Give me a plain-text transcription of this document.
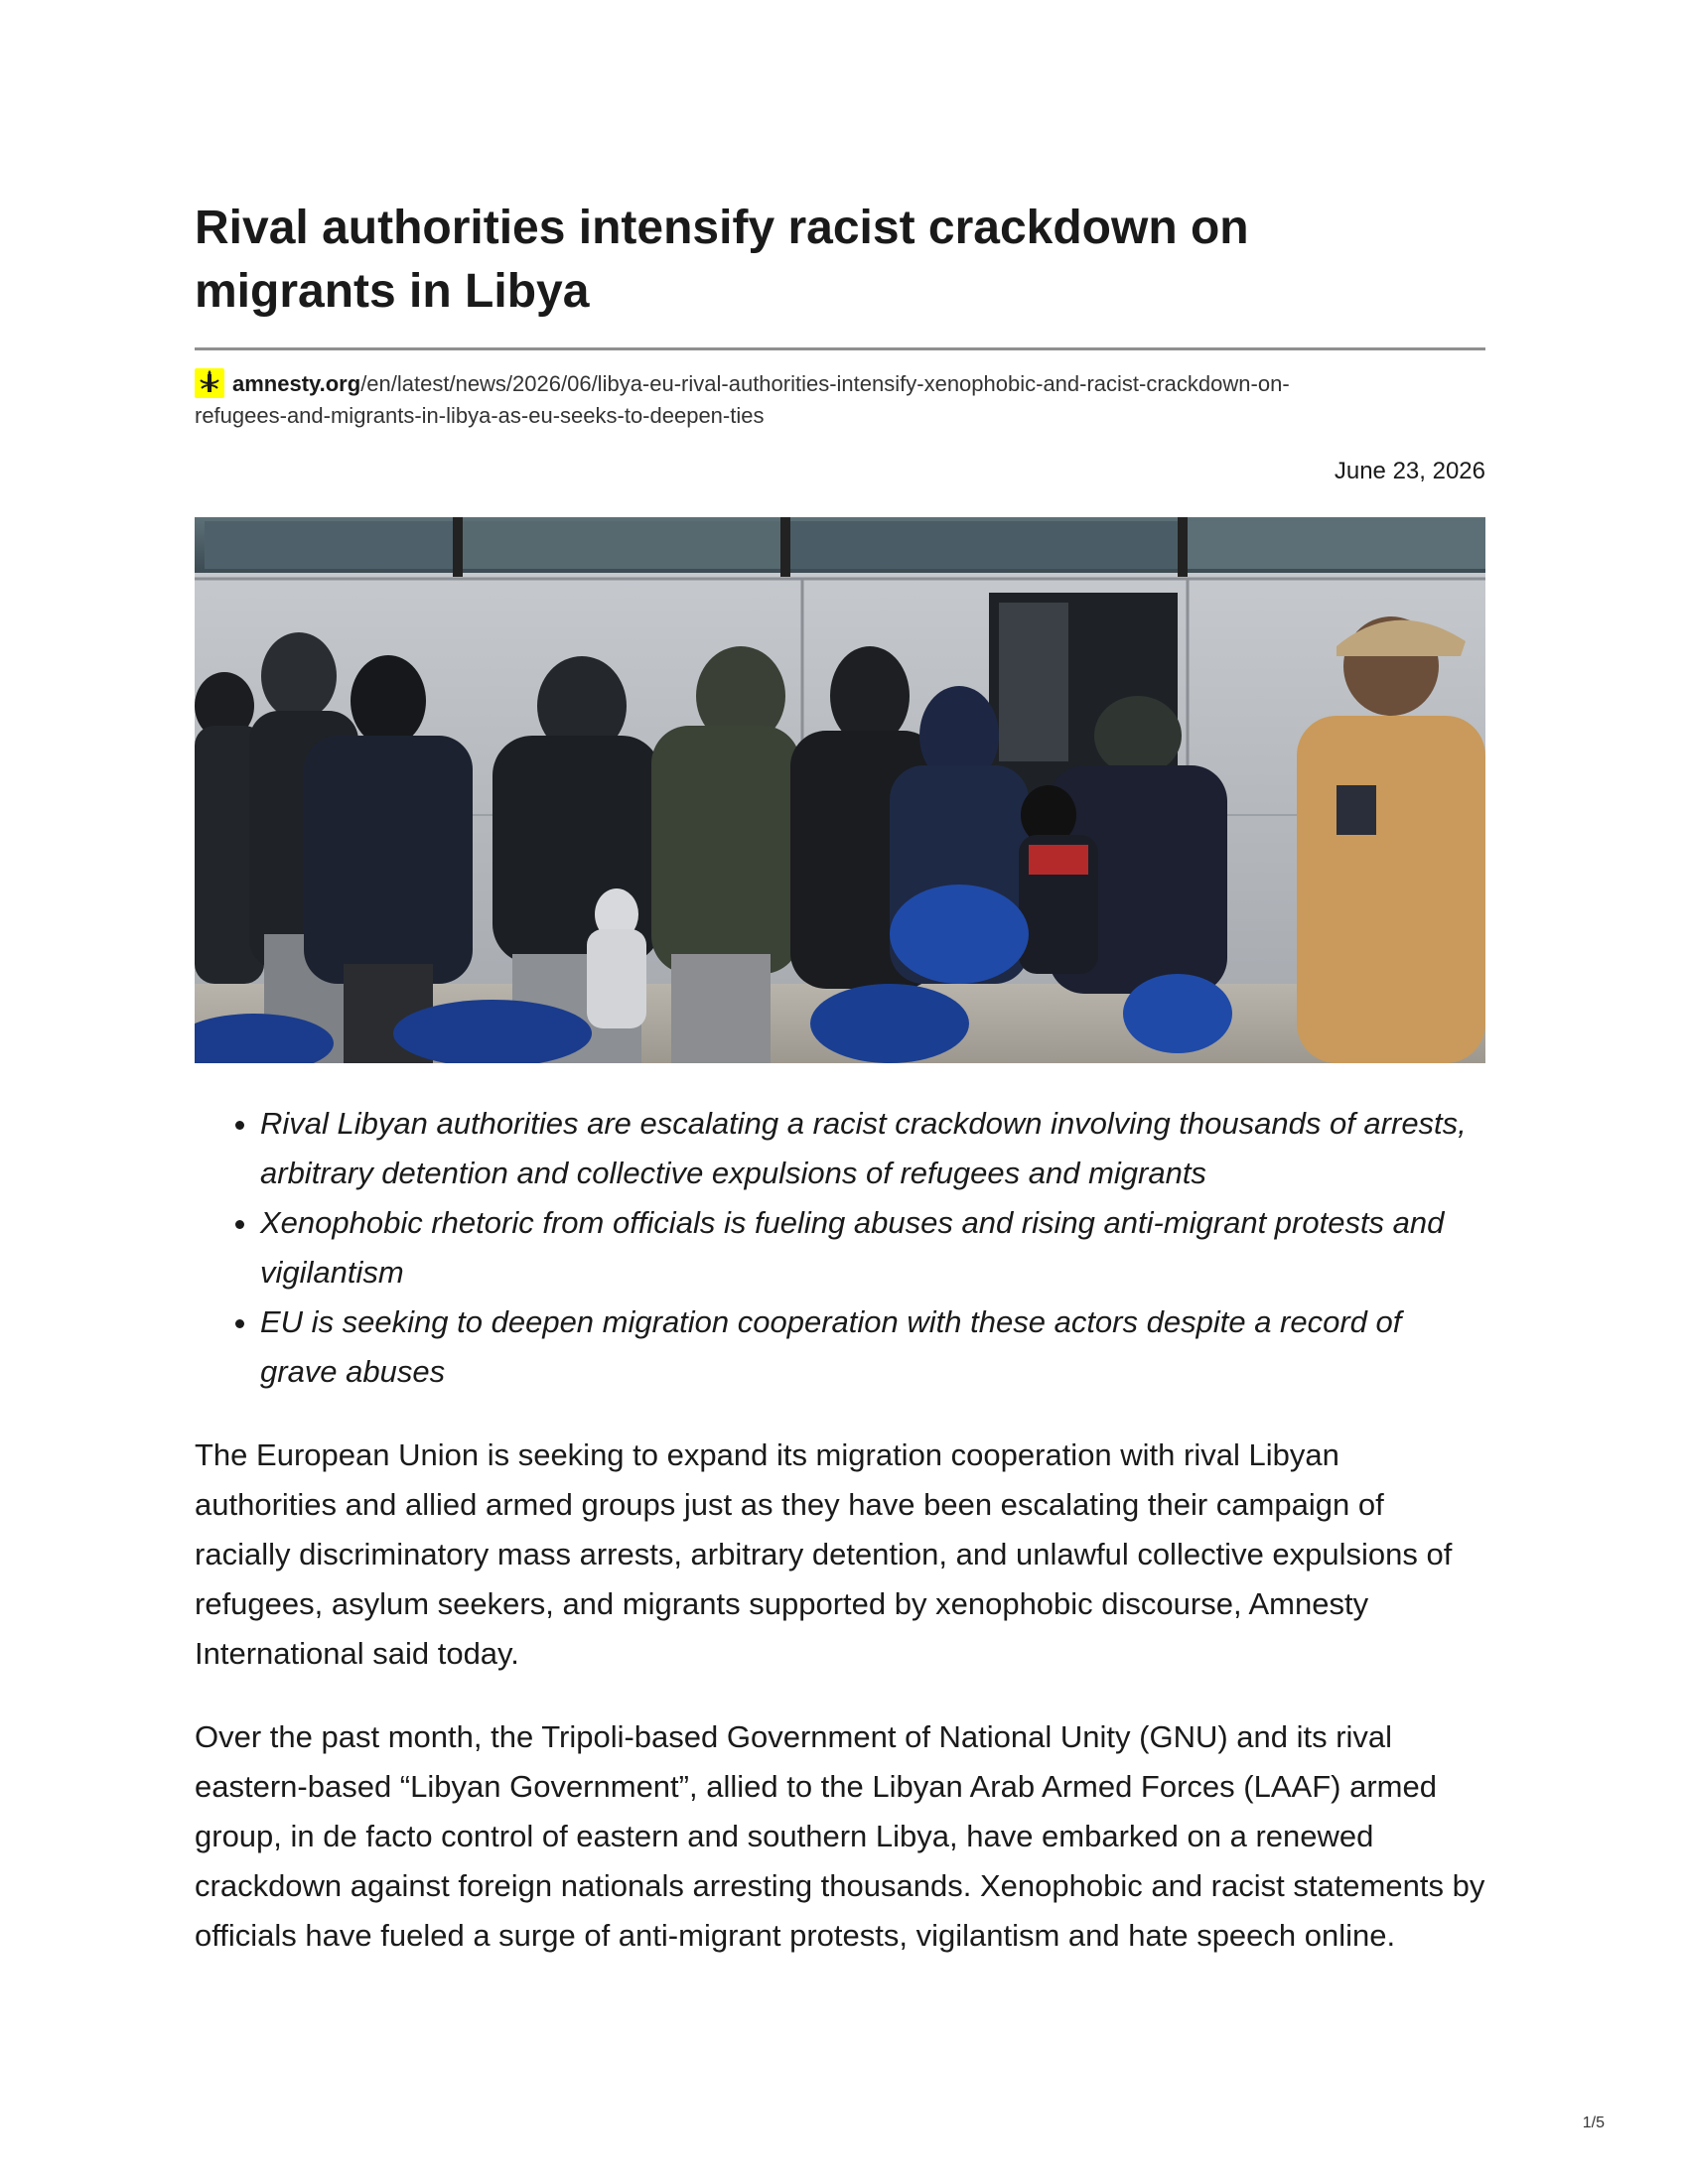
Rival authorities intensify racist crackdown on migrants in Libya
amnesty.org/en/latest/news/2026/06/libya-eu-rival-authorities-intensify-xenophobic-and-racist-crackdown-on-
refugees-and-migrants-in-libya-as-eu-seeks-to-deepen-ties
June 23, 2026
• Rival Libyan authorities are escalating a racist crackdown involving thousands of arrests, arbitrary detention and collective expulsions of refugees and migrants
• Xenophobic rhetoric from officials is fueling abuses and rising anti-migrant protests and vigilantism
• EU is seeking to deepen migration cooperation with these actors despite a record of grave abuses

The European Union is seeking to expand its migration cooperation with rival Libyan authorities and allied armed groups just as they have been escalating their campaign of racially discriminatory mass arrests, arbitrary detention, and unlawful collective expulsions of refugees, asylum seekers, and migrants supported by xenophobic discourse, Amnesty International said today.

Over the past month, the Tripoli-based Government of National Unity (GNU) and its rival eastern-based “Libyan Government”, allied to the Libyan Arab Armed Forces (LAAF) armed group, in de facto control of eastern and southern Libya, have embarked on a renewed crackdown against foreign nationals arresting thousands. Xenophobic and racist statements by officials have fueled a surge of anti-migrant protests, vigilantism and hate speech online.

1/5
